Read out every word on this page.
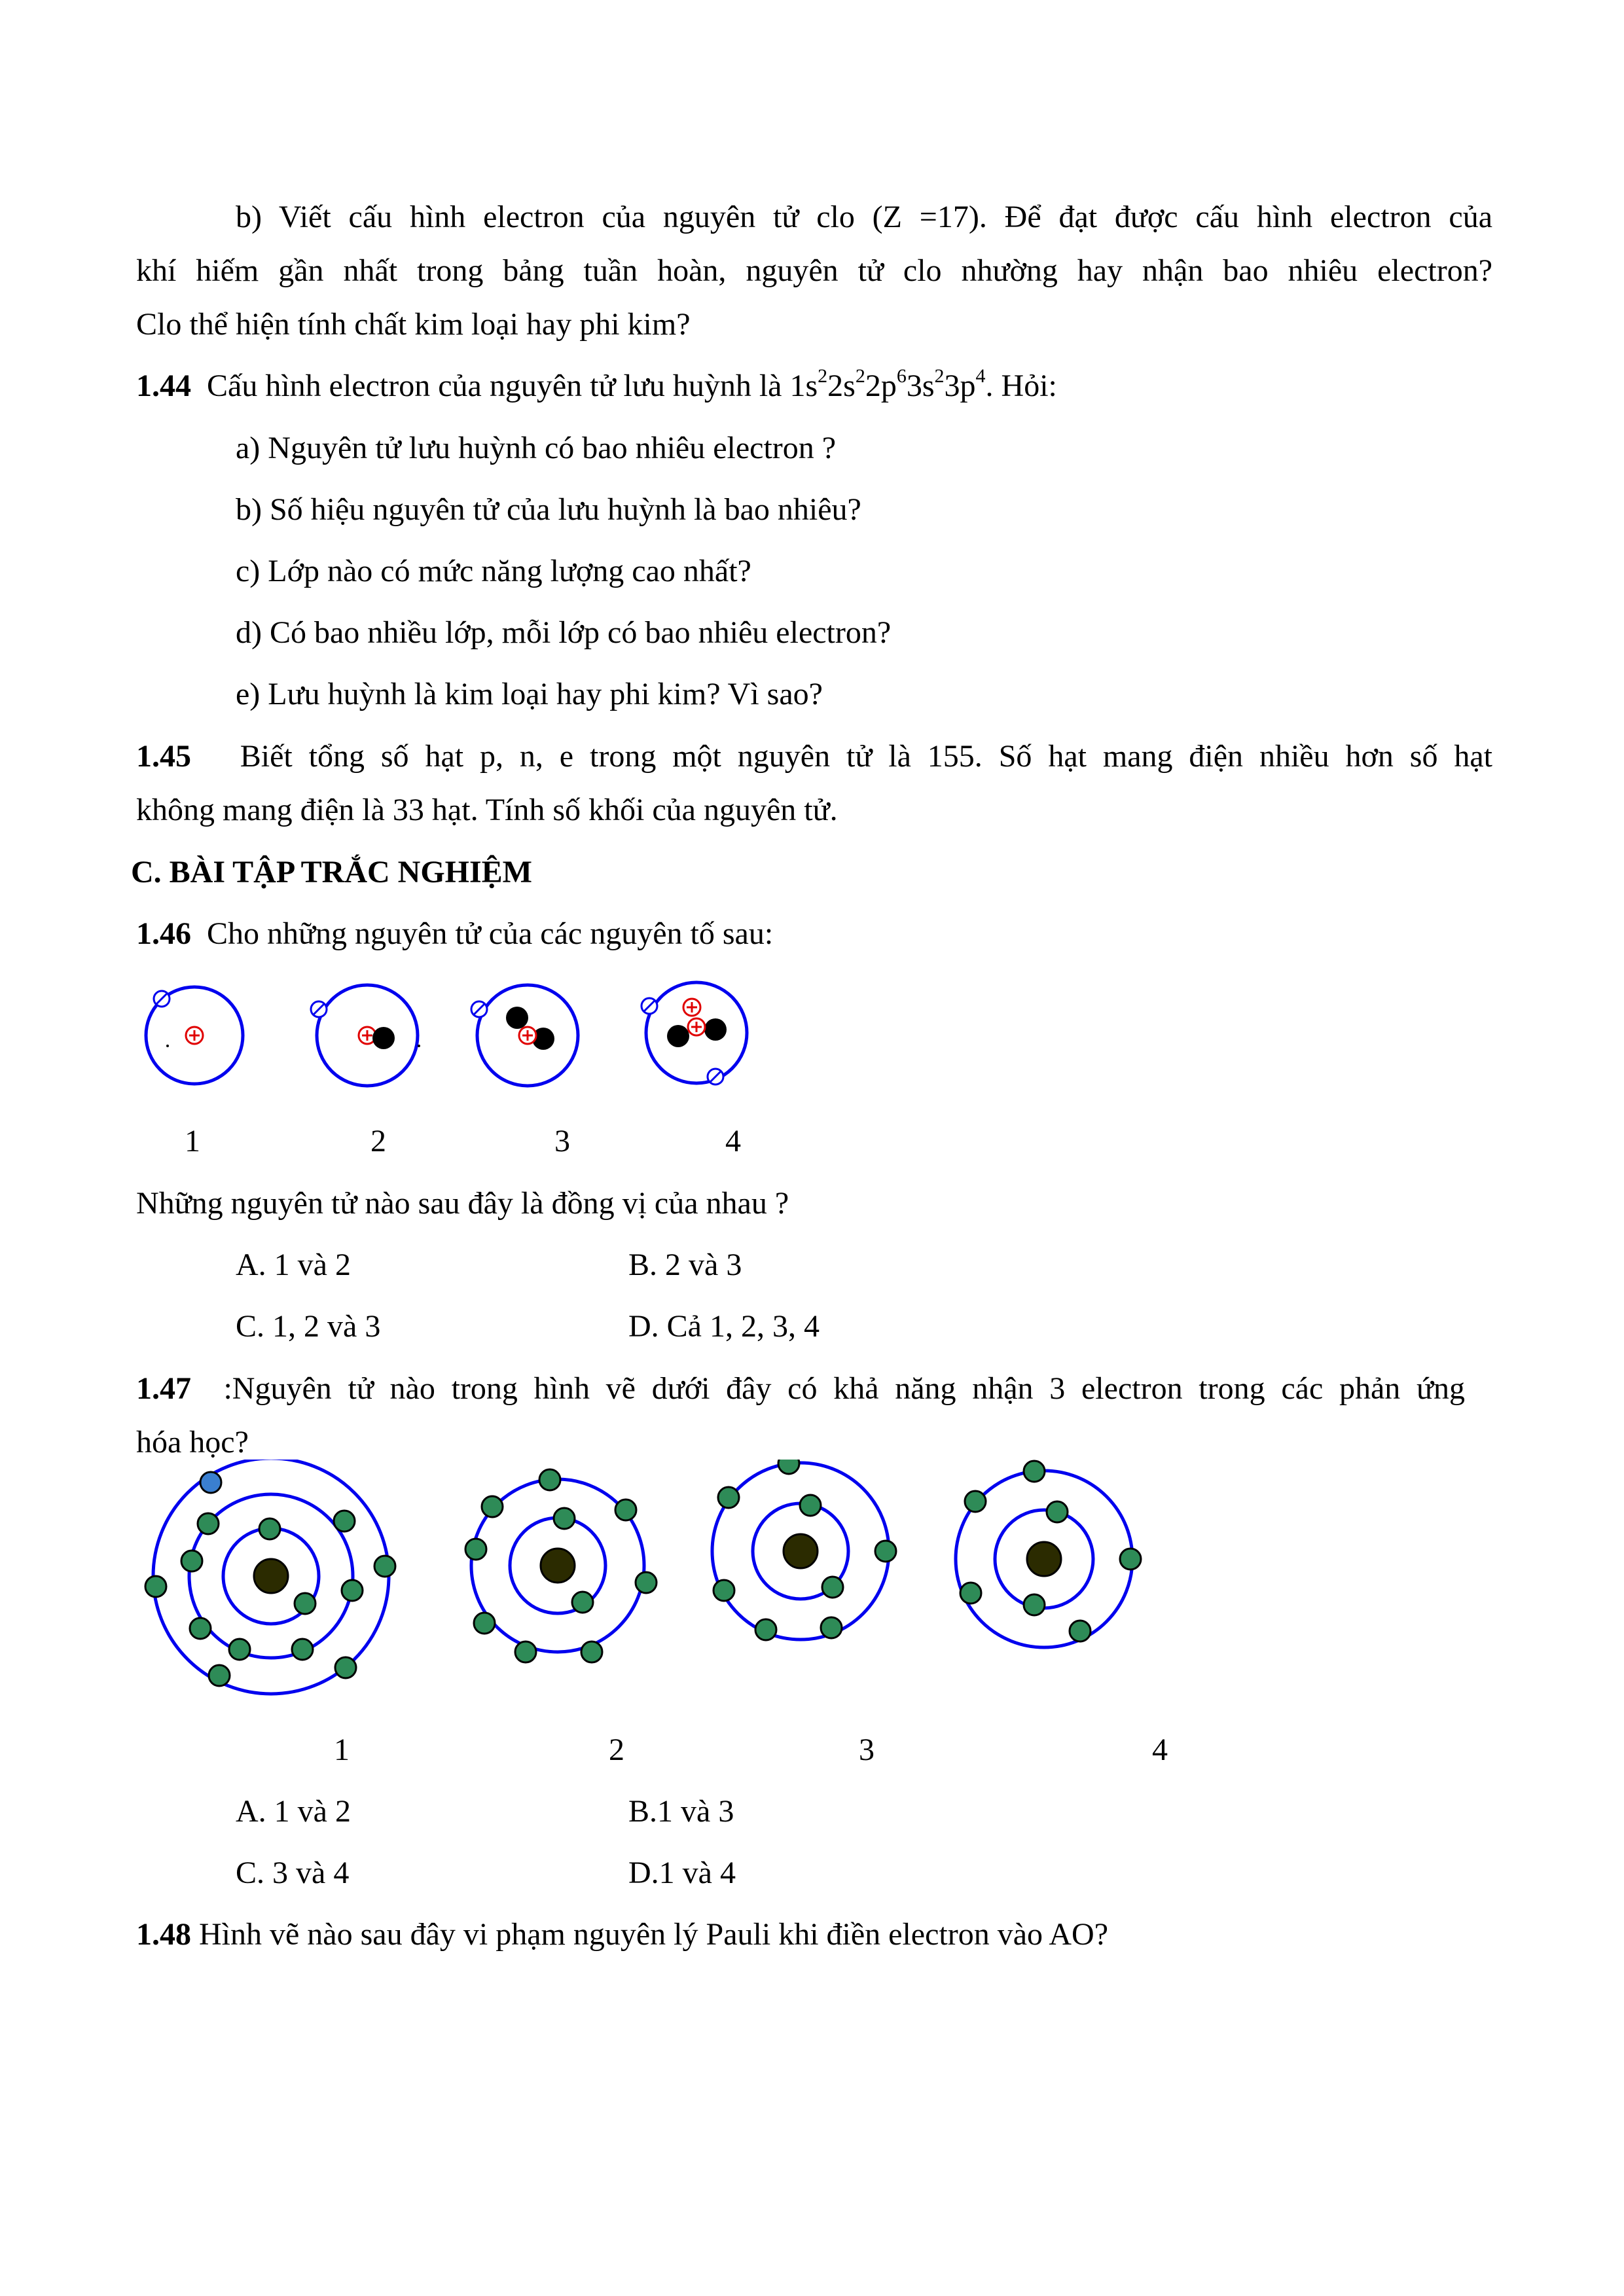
b) Viết cấu hình electron của nguyên tử clo (Z =17). Để đạt được cấu hình electron của
khí hiếm gần nhất trong bảng tuần hoàn, nguyên tử clo nhường hay nhận bao nhiêu electron?
Clo thể hiện tính chất kim loại hay phi kim?
1.44 Cấu hình electron của nguyên tử lưu huỳnh là $1s^22s^22p^63s^23p^4$. Hỏi:
a) Nguyên tử lưu huỳnh có bao nhiêu electron ?
b) Số hiệu nguyên tử của lưu huỳnh là bao nhiêu?
c) Lớp nào có mức năng lượng cao nhất?
d) Có bao nhiều lớp, mỗi lớp có bao nhiêu electron?
e) Lưu huỳnh là kim loại hay phi kim? Vì sao?
1.45 Biết tổng số hạt p, n, e trong một nguyên tử là 155. Số hạt mang điện nhiều hơn số hạt
không mang điện là 33 hạt. Tính số khối của nguyên tử.
C. BÀI TẬP TRẮC NGHIỆM
1.46 Cho những nguyên tử của các nguyên tố sau:
1	2	3	4
Những nguyên tử nào sau đây là đồng vị của nhau ?
A. 1 và 2	B. 2 và 3
C. 1, 2 và 3	D. Cả 1, 2, 3, 4
1.47 :Nguyên tử nào trong hình vẽ dưới đây có khả năng nhận 3 electron trong các phản ứng
hóa học?
1	2	3	4
A. 1 và 2	B.1 và 3
C. 3 và 4	D.1 và 4
1.48 Hình vẽ nào sau đây vi phạm nguyên lý Pauli khi điền electron vào AO?
